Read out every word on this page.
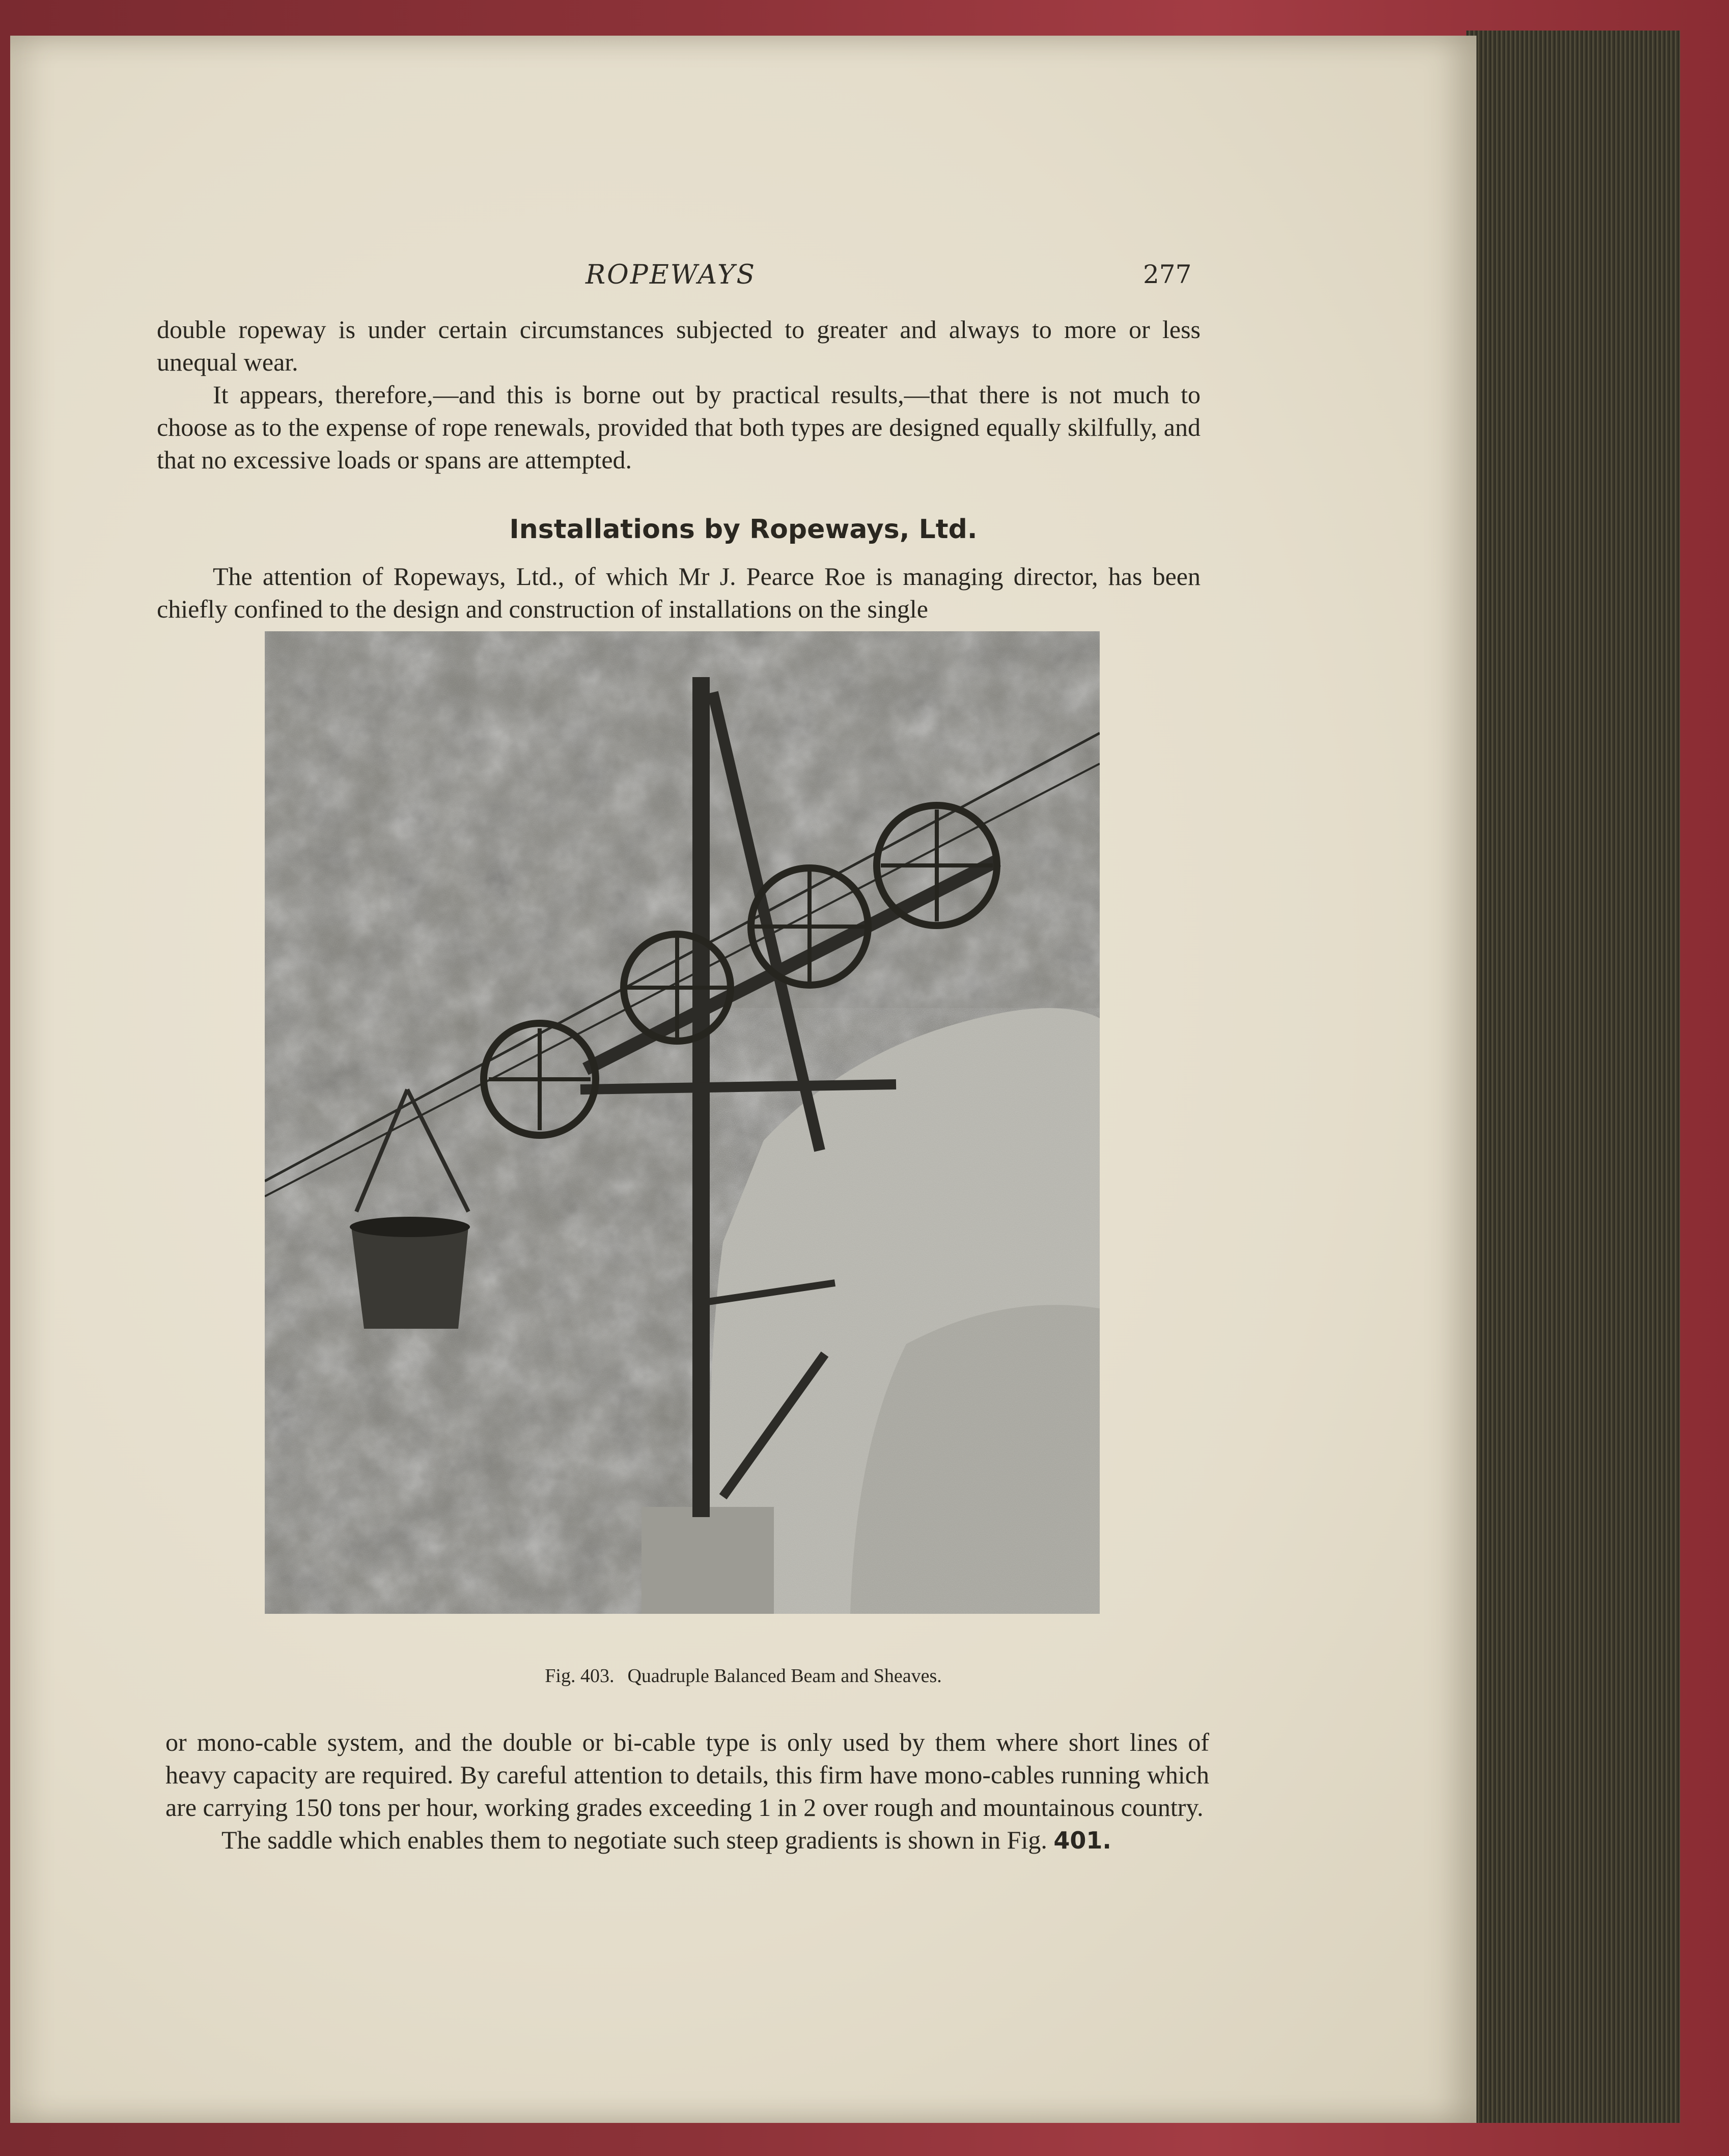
ROPEWAYS	277

double ropeway is under certain circumstances subjected to greater and always to more or less unequal wear.

It appears, therefore,—and this is borne out by practical results,—that there is not much to choose as to the expense of rope renewals, provided that both types are designed equally skilfully, and that no excessive loads or spans are attempted.

Installations by Ropeways, Ltd.

The attention of Ropeways, Ltd., of which Mr J. Pearce Roe is managing director, has been chiefly confined to the design and construction of installations on the single

Fig. 403. Quadruple Balanced Beam and Sheaves.

or mono-cable system, and the double or bi-cable type is only used by them where short lines of heavy capacity are required. By careful attention to details, this firm have mono-cables running which are carrying 150 tons per hour, working grades exceeding 1 in 2 over rough and mountainous country.

The saddle which enables them to negotiate such steep gradients is shown in Fig. 401.
